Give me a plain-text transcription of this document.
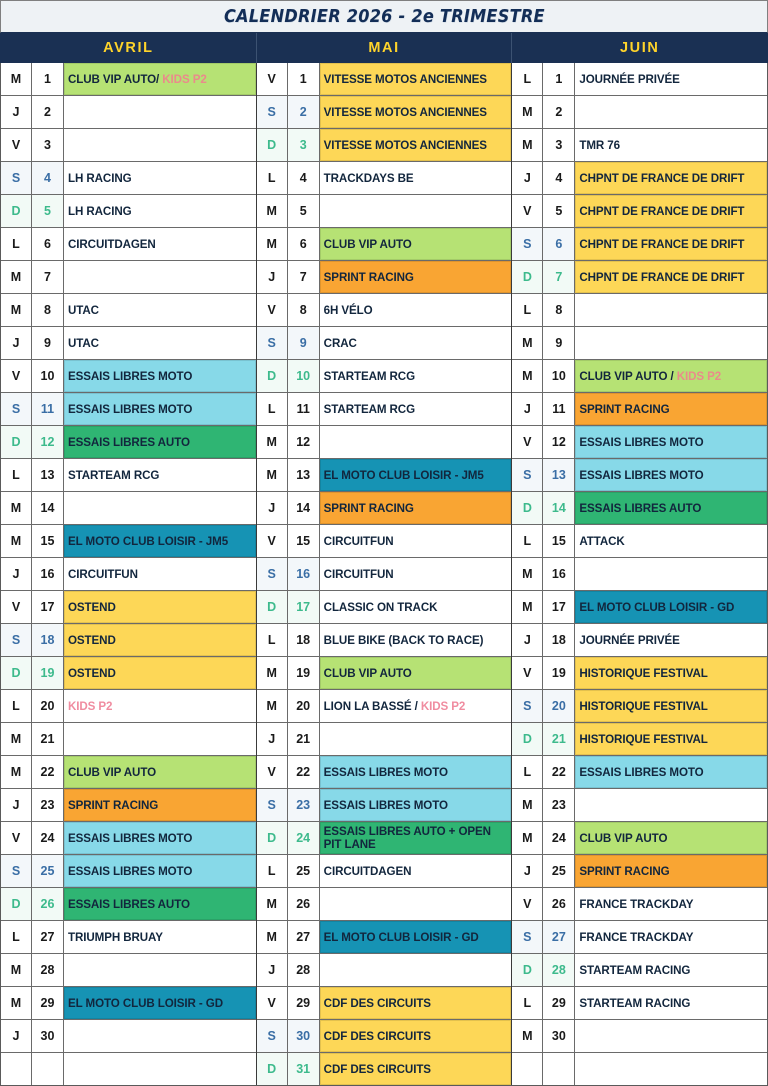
CALENDRIER 2026 - 2e TRIMESTRE
AVRIL	MAI	JUIN
M	1	CLUB VIP AUTO/ KIDS P2
J	2
V	3
S	4	LH RACING
D	5	LH RACING
L	6	CIRCUITDAGEN
M	7
M	8	UTAC
J	9	UTAC
V	10	ESSAIS LIBRES MOTO
S	11	ESSAIS LIBRES MOTO
D	12	ESSAIS LIBRES AUTO
L	13	STARTEAM RCG
M	14
M	15	EL MOTO CLUB LOISIR - JM5
J	16	CIRCUITFUN
V	17	OSTEND
S	18	OSTEND
D	19	OSTEND
L	20	KIDS P2
M	21
M	22	CLUB VIP AUTO
J	23	SPRINT RACING
V	24	ESSAIS LIBRES MOTO
S	25	ESSAIS LIBRES MOTO
D	26	ESSAIS LIBRES AUTO
L	27	TRIUMPH BRUAY
M	28
M	29	EL MOTO CLUB LOISIR - GD
J	30
V	1	VITESSE MOTOS ANCIENNES
S	2	VITESSE MOTOS ANCIENNES
D	3	VITESSE MOTOS ANCIENNES
L	4	TRACKDAYS BE
M	5
M	6	CLUB VIP AUTO
J	7	SPRINT RACING
V	8	6H VÉLO
S	9	CRAC
D	10	STARTEAM RCG
L	11	STARTEAM RCG
M	12
M	13	EL MOTO CLUB LOISIR - JM5
J	14	SPRINT RACING
V	15	CIRCUITFUN
S	16	CIRCUITFUN
D	17	CLASSIC ON TRACK
L	18	BLUE BIKE (BACK TO RACE)
M	19	CLUB VIP AUTO
M	20	LION LA BASSÉ / KIDS P2
J	21
V	22	ESSAIS LIBRES MOTO
S	23	ESSAIS LIBRES MOTO
D	24	ESSAIS LIBRES AUTO + OPEN PIT LANE
L	25	CIRCUITDAGEN
M	26
M	27	EL MOTO CLUB LOISIR - GD
J	28
V	29	CDF DES CIRCUITS
S	30	CDF DES CIRCUITS
D	31	CDF DES CIRCUITS
L	1	JOURNÉE PRIVÉE
M	2
M	3	TMR 76
J	4	CHPNT DE FRANCE DE DRIFT
V	5	CHPNT DE FRANCE DE DRIFT
S	6	CHPNT DE FRANCE DE DRIFT
D	7	CHPNT DE FRANCE DE DRIFT
L	8
M	9
M	10	CLUB VIP AUTO / KIDS P2
J	11	SPRINT RACING
V	12	ESSAIS LIBRES MOTO
S	13	ESSAIS LIBRES MOTO
D	14	ESSAIS LIBRES AUTO
L	15	ATTACK
M	16
M	17	EL MOTO CLUB LOISIR - GD
J	18	JOURNÉE PRIVÉE
V	19	HISTORIQUE FESTIVAL
S	20	HISTORIQUE FESTIVAL
D	21	HISTORIQUE FESTIVAL
L	22	ESSAIS LIBRES MOTO
M	23
M	24	CLUB VIP AUTO
J	25	SPRINT RACING
V	26	FRANCE TRACKDAY
S	27	FRANCE TRACKDAY
D	28	STARTEAM RACING
L	29	STARTEAM RACING
M	30
